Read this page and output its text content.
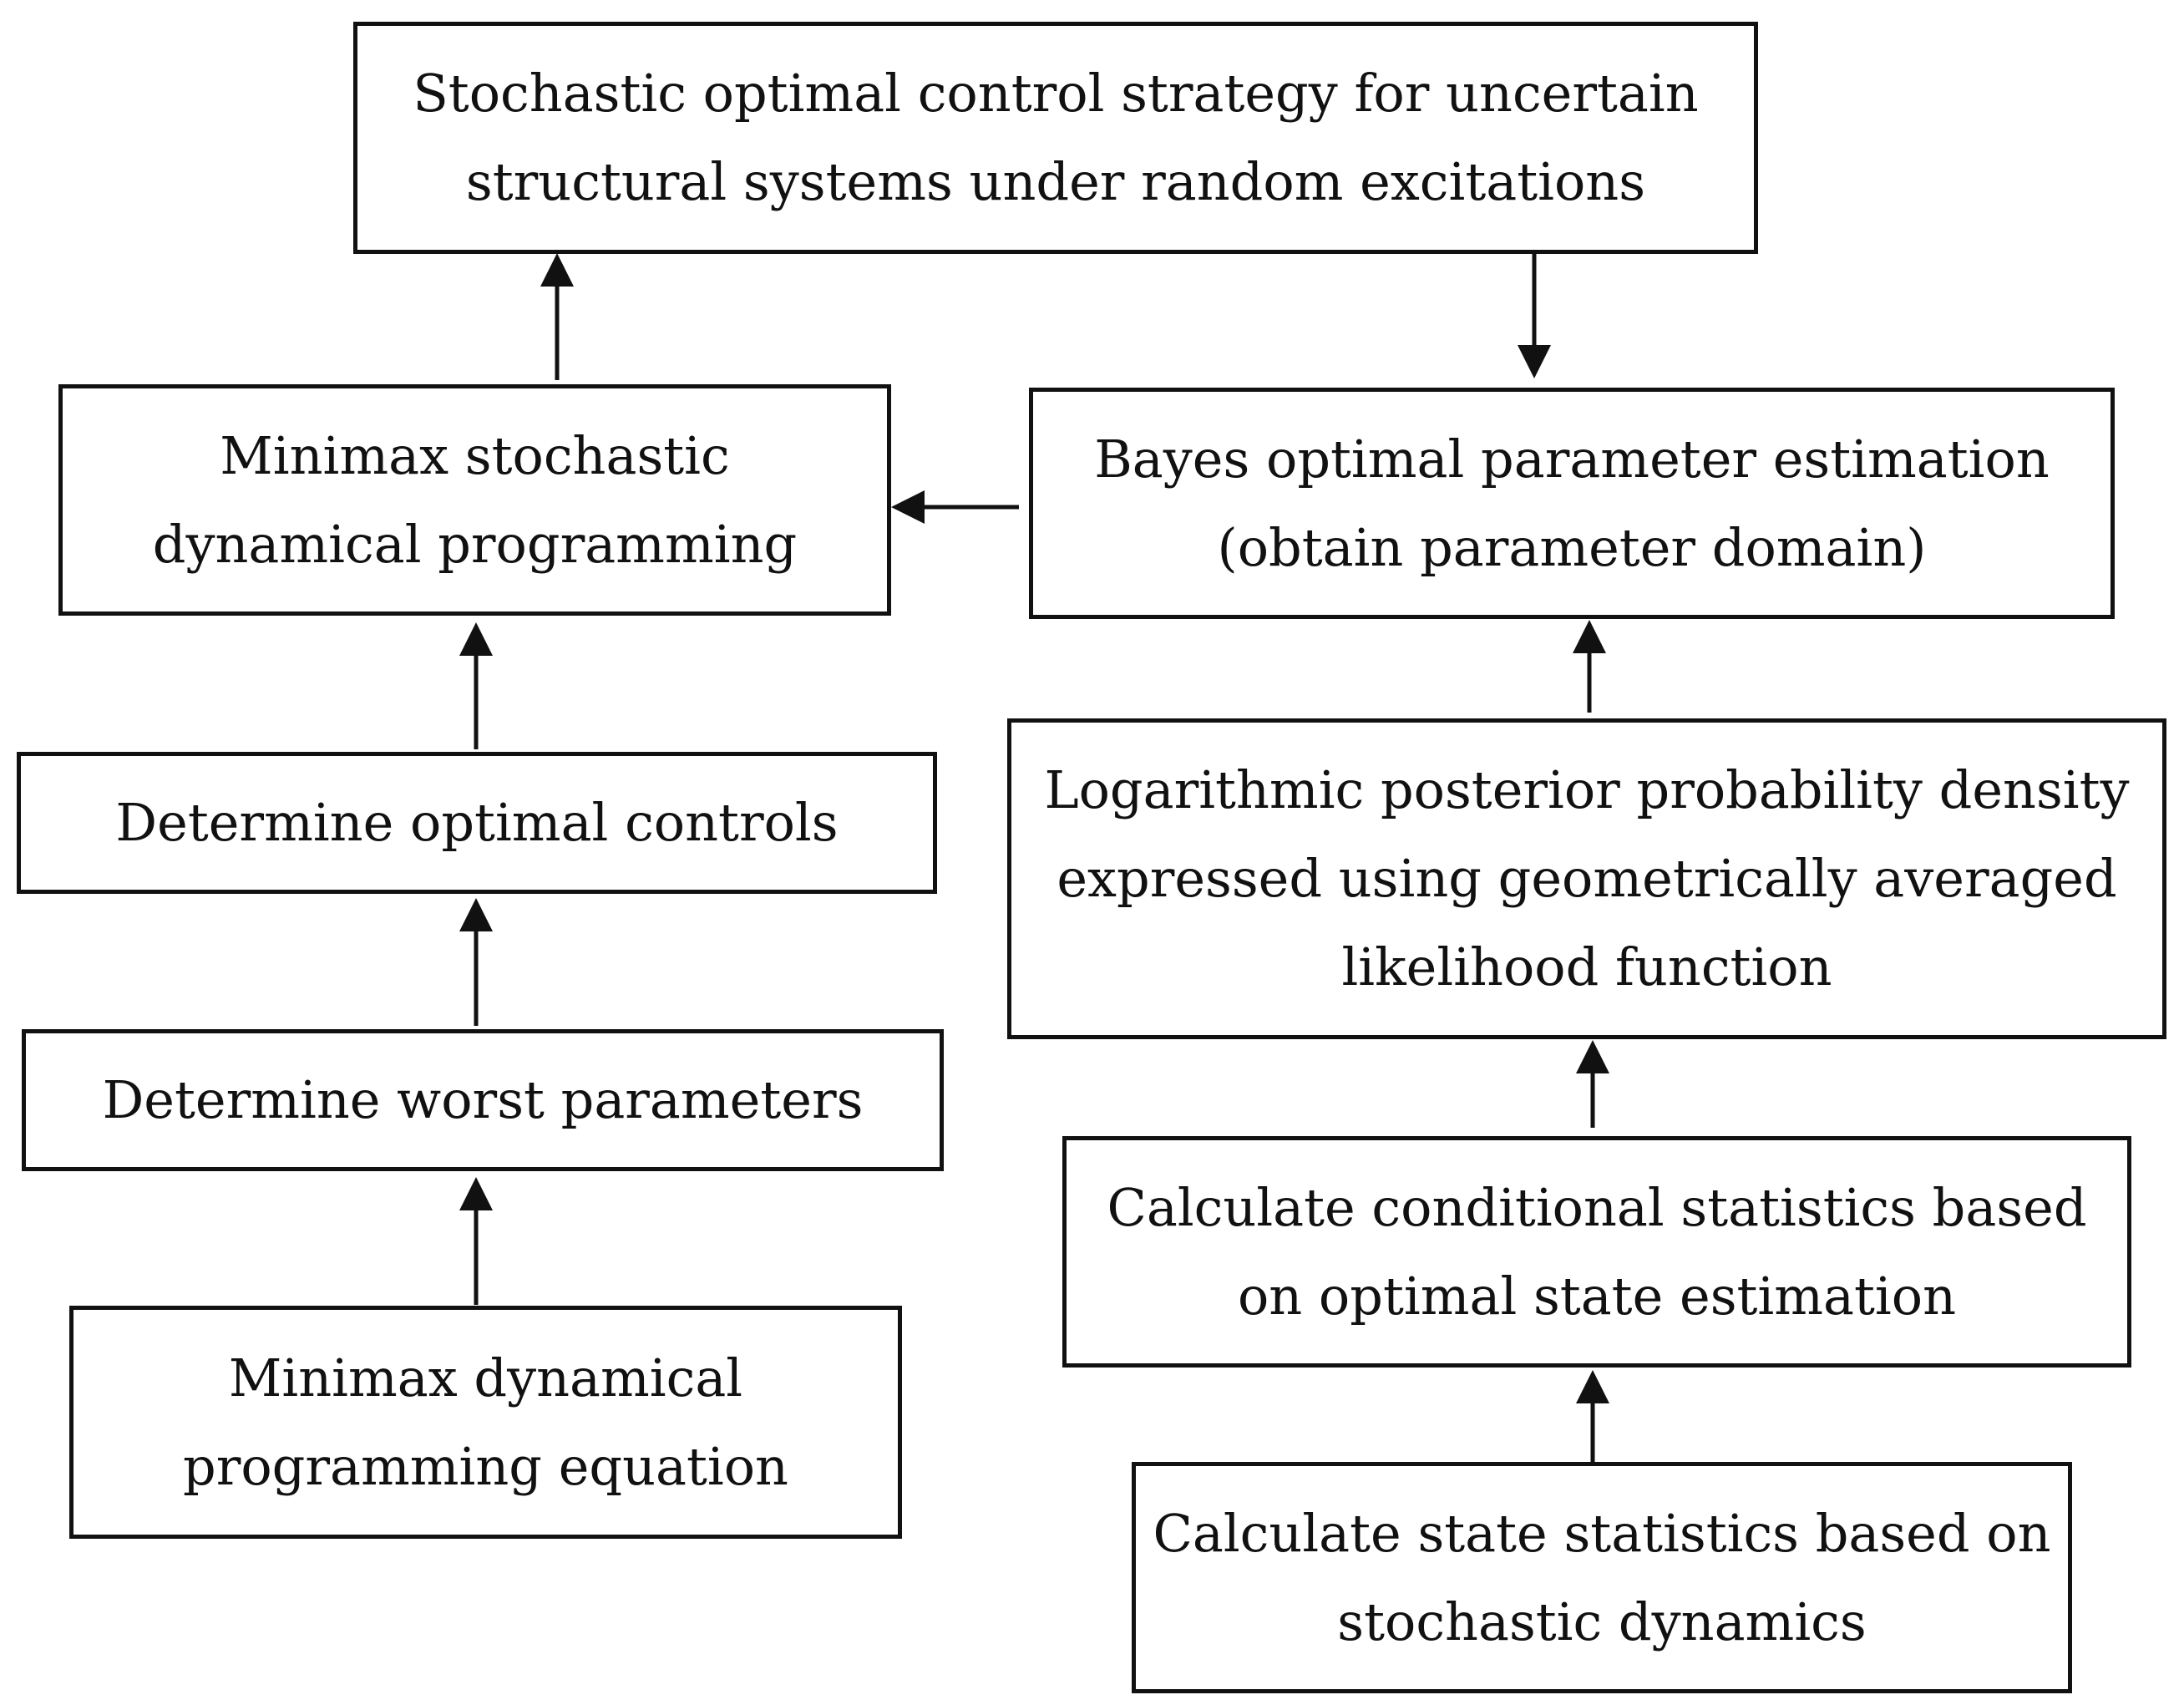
Stochastic optimal control strategy for uncertain
structural systems under random excitations
Minimax stochastic
dynamical programming
Bayes optimal parameter estimation
(obtain parameter domain)
Determine optimal controls
Logarithmic posterior probability density
expressed using geometrically averaged
likelihood function
Determine worst parameters
Calculate conditional statistics based
on optimal state estimation
Minimax dynamical
programming equation
Calculate state statistics based on
stochastic dynamics
